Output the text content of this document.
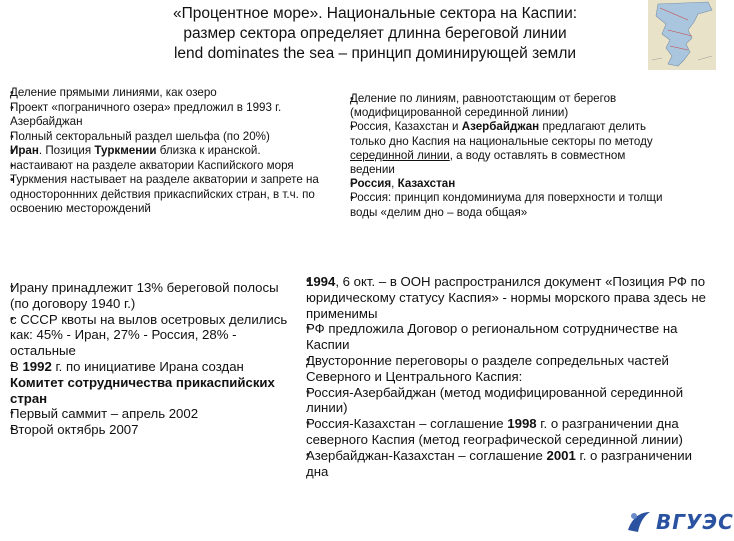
«Процентное море». Национальные сектора на Каспии:
размер сектора определяет длинна береговой линии
lend dominates the sea – принцип доминирующей земли
• Деление прямыми линиями, как озеро
• Проект «пограничного озера» предложил в 1993 г. Азербайджан
• Полный секторальный раздел шельфа (по 20%)
• Иран. Позиция Туркмении близка к иранской.
• настаивают на разделе акватории Каспийского моря
• Туркмения настывает на разделе акватории и запрете на одностороннних действия прикаспийских стран, в т.ч. по освоению месторождений
• Деление по линиям, равноотстающим от берегов (модифицированной серединной линии)
• Россия, Казахстан и Азербайджан предлагают делить только дно Каспия на национальные секторы по методу серединной линии, а воду оставлять в совместном ведении
• Россия, Казахстан
• Россия: принцип кондоминиума для поверхности и толщи воды «делим дно – вода общая»
• Ирану принадлежит 13% береговой полосы (по договору 1940 г.)
• с СССР квоты на вылов осетровых делились как: 45% - Иран, 27% - Россия, 28% - остальные
• В 1992 г. по инициативе Ирана создан Комитет сотрудничества прикаспийских стран
• Первый саммит – апрель 2002
• Второй октябрь 2007
• 1994, 6 окт. – в ООН распространился документ «Позиция РФ по юридическому статусу Каспия» - нормы морского права здесь не применимы
• РФ предложила Договор о региональном сотрудничестве на Каспии
• Двусторонние переговоры о разделе сопредельных частей Северного и Центрального Каспия:
• Россия-Азербайджан (метод модифицированной серединной линии)
• Россия-Казахстан – соглашение 1998 г. о разграничении дна северного Каспия (метод географической серединной линии)
• Азербайджан-Казахстан – соглашение 2001 г. о разграничении дна
ВГУЭС
